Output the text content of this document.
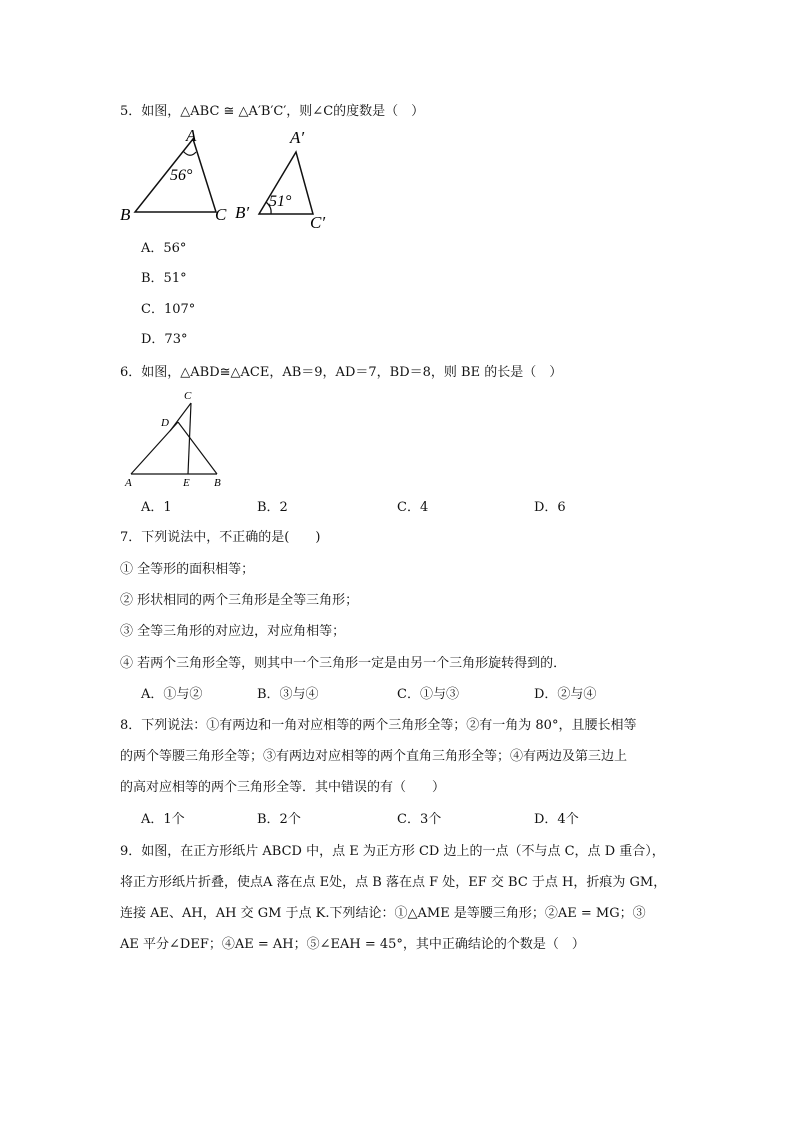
5．如图，△ABC ≅ △A′B′C′，则∠C的度数是（　）
A
B	C
56°
A′
B′
C′
51°
A．56°
B．51°
C．107°
D．73°
6．如图，△ABD≅△ACE，AB＝9，AD＝7，BD＝8，则 BE 的长是（　）
C
D
A	E B
A．1	B．2	C．4	D．6
7．下列说法中，不正确的是(　　)
① 全等形的面积相等；
② 形状相同的两个三角形是全等三角形；
③ 全等三角形的对应边，对应角相等；
④ 若两个三角形全等，则其中一个三角形一定是由另一个三角形旋转得到的．
A．①与②	B．③与④	C．①与③	D．②与④
8．下列说法：①有两边和一角对应相等的两个三角形全等；②有一角为 80°，且腰长相等
的两个等腰三角形全等；③有两边对应相等的两个直角三角形全等；④有两边及第三边上
的高对应相等的两个三角形全等．其中错误的有（　　）
A．1个	B．2个	C．3个	D．4个
9．如图，在正方形纸片 ABCD 中，点 E 为正方形 CD 边上的一点（不与点 C，点 D 重合），
将正方形纸片折叠，使点A 落在点 E处，点 B 落在点 F 处，EF 交 BC 于点 H，折痕为 GM，
连接 AE、AH，AH 交 GM 于点 K.下列结论：①△AME 是等腰三角形；②AE = MG；③
AE 平分∠DEF；④AE = AH；⑤∠EAH = 45°，其中正确结论的个数是（　）
